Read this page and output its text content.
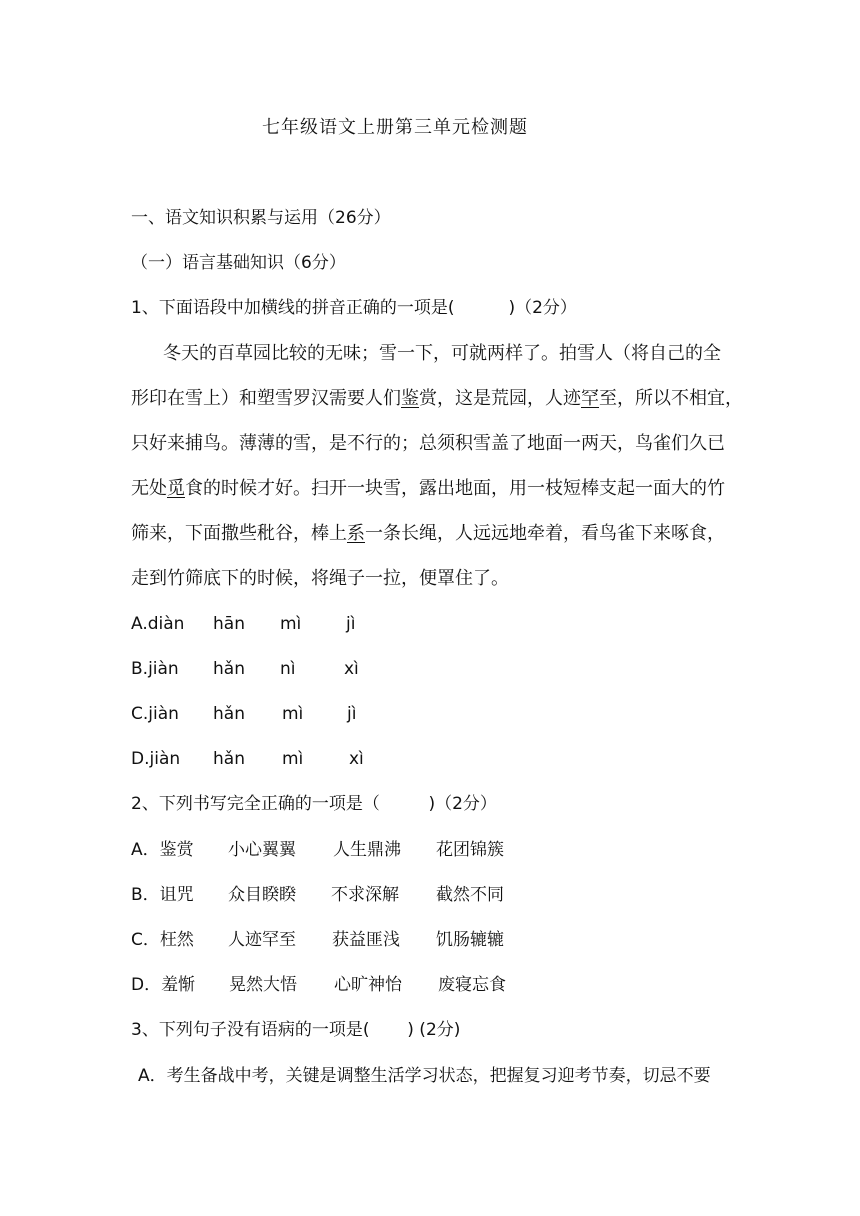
七年级语文上册第三单元检测题
一、语文知识积累与运用（26分）
（一）语言基础知识（6分）
1、下面语段中加横线的拼音正确的一项是(          )（2分）
冬天的百草园比较的无味；雪一下，可就两样了。拍雪人（将自己的全
形印在雪上）和塑雪罗汉需要人们鉴赏，这是荒园，人迹罕至，所以不相宜，
只好来捕鸟。薄薄的雪，是不行的；总须积雪盖了地面一两天，鸟雀们久已
无处觅食的时候才好。扫开一块雪，露出地面，用一枝短棒支起一面大的竹
筛来，下面撒些秕谷，棒上系一条长绳，人远远地牵着，看鸟雀下来啄食，
走到竹筛底下的时候，将绳子一拉，便罩住了。
A.diàn hān mì	jì
B.jiàn hǎn nì	xì
C.jiàn hǎn mì	jì
D.jiàn hǎn mì	xì
2、下列书写完全正确的一项是（         )（2分）
A．鉴赏 小心翼翼 人生鼎沸 花团锦簇
B．诅咒 众目睽睽 不求深解 截然不同
C．枉然 人迹罕至 获益匪浅 饥肠辘辘
D．羞惭 晃然大悟 心旷神怡 废寝忘食
3、下列句子没有语病的一项是(       ) (2分)
A．考生备战中考，关键是调整生活学习状态，把握复习迎考节奏，切忌不要
